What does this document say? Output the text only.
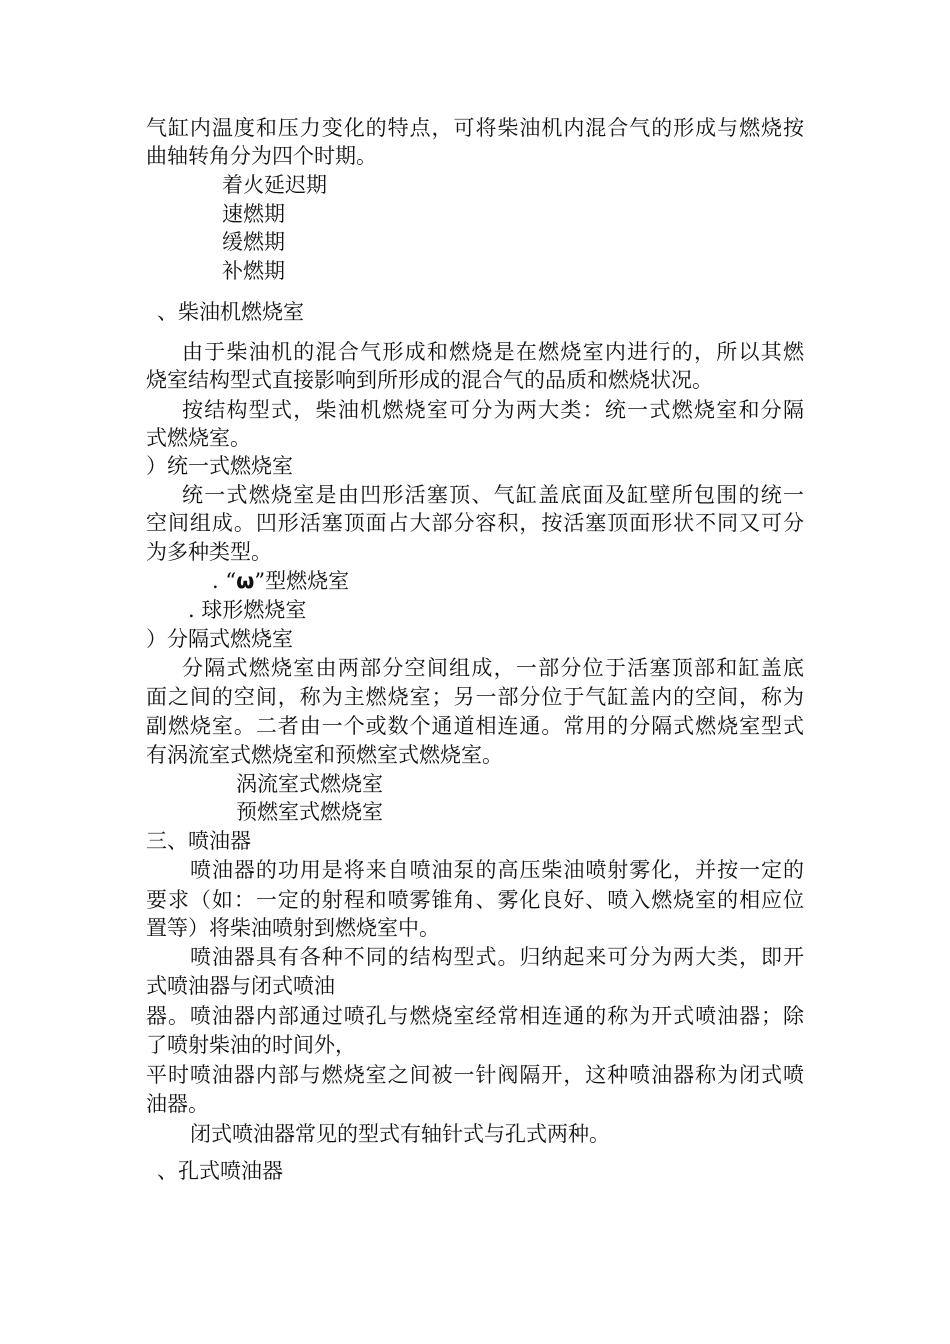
气缸内温度和压力变化的特点，可将柴油机内混合气的形成与燃烧按
曲轴转角分为四个时期。
着火延迟期
速燃期
缓燃期
补燃期
、柴油机燃烧室
由于柴油机的混合气形成和燃烧是在燃烧室内进行的，所以其燃
烧室结构型式直接影响到所形成的混合气的品质和燃烧状况。
按结构型式，柴油机燃烧室可分为两大类：统一式燃烧室和分隔
式燃烧室。
）统一式燃烧室
统一式燃烧室是由凹形活塞顶、气缸盖底面及缸壁所包围的统一
空间组成。凹形活塞顶面占大部分容积，按活塞顶面形状不同又可分
为多种类型。
. “ω”型燃烧室
. 球形燃烧室
）分隔式燃烧室
分隔式燃烧室由两部分空间组成，一部分位于活塞顶部和缸盖底
面之间的空间，称为主燃烧室；另一部分位于气缸盖内的空间，称为
副燃烧室。二者由一个或数个通道相连通。常用的分隔式燃烧室型式
有涡流室式燃烧室和预燃室式燃烧室。
涡流室式燃烧室
预燃室式燃烧室
三、喷油器
喷油器的功用是将来自喷油泵的高压柴油喷射雾化，并按一定的
要求（如：一定的射程和喷雾锥角、雾化良好、喷入燃烧室的相应位
置等）将柴油喷射到燃烧室中。
喷油器具有各种不同的结构型式。归纳起来可分为两大类，即开
式喷油器与闭式喷油
器。喷油器内部通过喷孔与燃烧室经常相连通的称为开式喷油器；除
了喷射柴油的时间外，
平时喷油器内部与燃烧室之间被一针阀隔开，这种喷油器称为闭式喷
油器。
闭式喷油器常见的型式有轴针式与孔式两种。
、孔式喷油器
